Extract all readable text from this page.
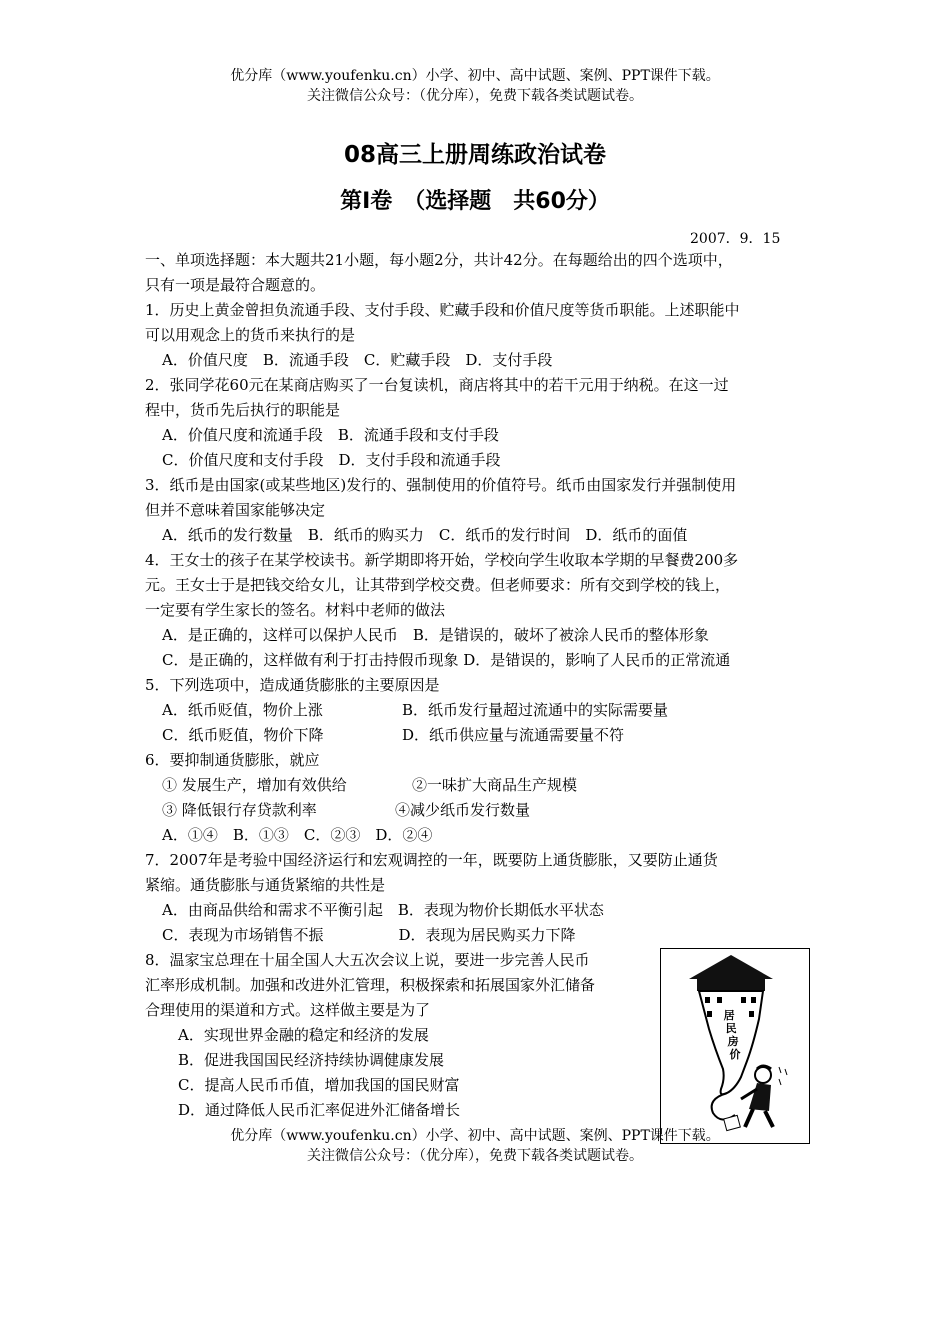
优分库（www.youfenku.cn）小学、初中、高中试题、案例、PPT课件下载。
关注微信公众号：（优分库），免费下载各类试题试卷。
08高三上册周练政治试卷
第Ⅰ卷　（选择题　共60分）
2007．9．15
一、单项选择题：本大题共21小题，每小题2分，共计42分。在每题给出的四个选项中，
只有一项是最符合题意的。
1．历史上黄金曾担负流通手段、支付手段、贮藏手段和价值尺度等货币职能。上述职能中
可以用观念上的货币来执行的是
A．价值尺度　B．流通手段　C．贮藏手段　D．支付手段
2．张同学花60元在某商店购买了一台复读机，商店将其中的若干元用于纳税。在这一过
程中，货币先后执行的职能是
A．价值尺度和流通手段　B．流通手段和支付手段
C．价值尺度和支付手段　D．支付手段和流通手段
3．纸币是由国家(或某些地区)发行的、强制使用的价值符号。纸币由国家发行并强制使用
但并不意味着国家能够决定
A．纸币的发行数量　B．纸币的购买力　C．纸币的发行时间　D．纸币的面值
4．王女士的孩子在某学校读书。新学期即将开始，学校向学生收取本学期的早餐费200多
元。王女士于是把钱交给女儿，让其带到学校交费。但老师要求：所有交到学校的钱上，
一定要有学生家长的签名。材料中老师的做法
A．是正确的，这样可以保护人民币　B．是错误的，破坏了被涂人民币的整体形象
C．是正确的，这样做有利于打击持假币现象 D．是错误的，影响了人民币的正常流通
5．下列选项中，造成通货膨胀的主要原因是
A．纸币贬值，物价上涨	B．纸币发行量超过流通中的实际需要量
C．纸币贬值，物价下降	D．纸币供应量与流通需要量不符
6．要抑制通货膨胀，就应
① 发展生产，增加有效供给	②一味扩大商品生产规模
③ 降低银行存贷款利率	④减少纸币发行数量
A．①④　B．①③　C．②③　D．②④
7．2007年是考验中国经济运行和宏观调控的一年，既要防上通货膨胀，又要防止通货
紧缩。通货膨胀与通货紧缩的共性是
A．由商品供给和需求不平衡引起　B．表现为物价长期低水平状态
C．表现为市场销售不振　　　　　D．表现为居民购买力下降
8．温家宝总理在十届全国人大五次会议上说，要进一步完善人民币
汇率形成机制。加强和改进外汇管理，积极探索和拓展国家外汇储备
合理使用的渠道和方式。这样做主要是为了
A．实现世界金融的稳定和经济的发展
B．促进我国国民经济持续协调健康发展
C．提高人民币币值，增加我国的国民财富
D．通过降低人民币汇率促进外汇储备增长
居 民 房 价
优分库（www.youfenku.cn）小学、初中、高中试题、案例、PPT课件下载。
关注微信公众号：（优分库），免费下载各类试题试卷。
